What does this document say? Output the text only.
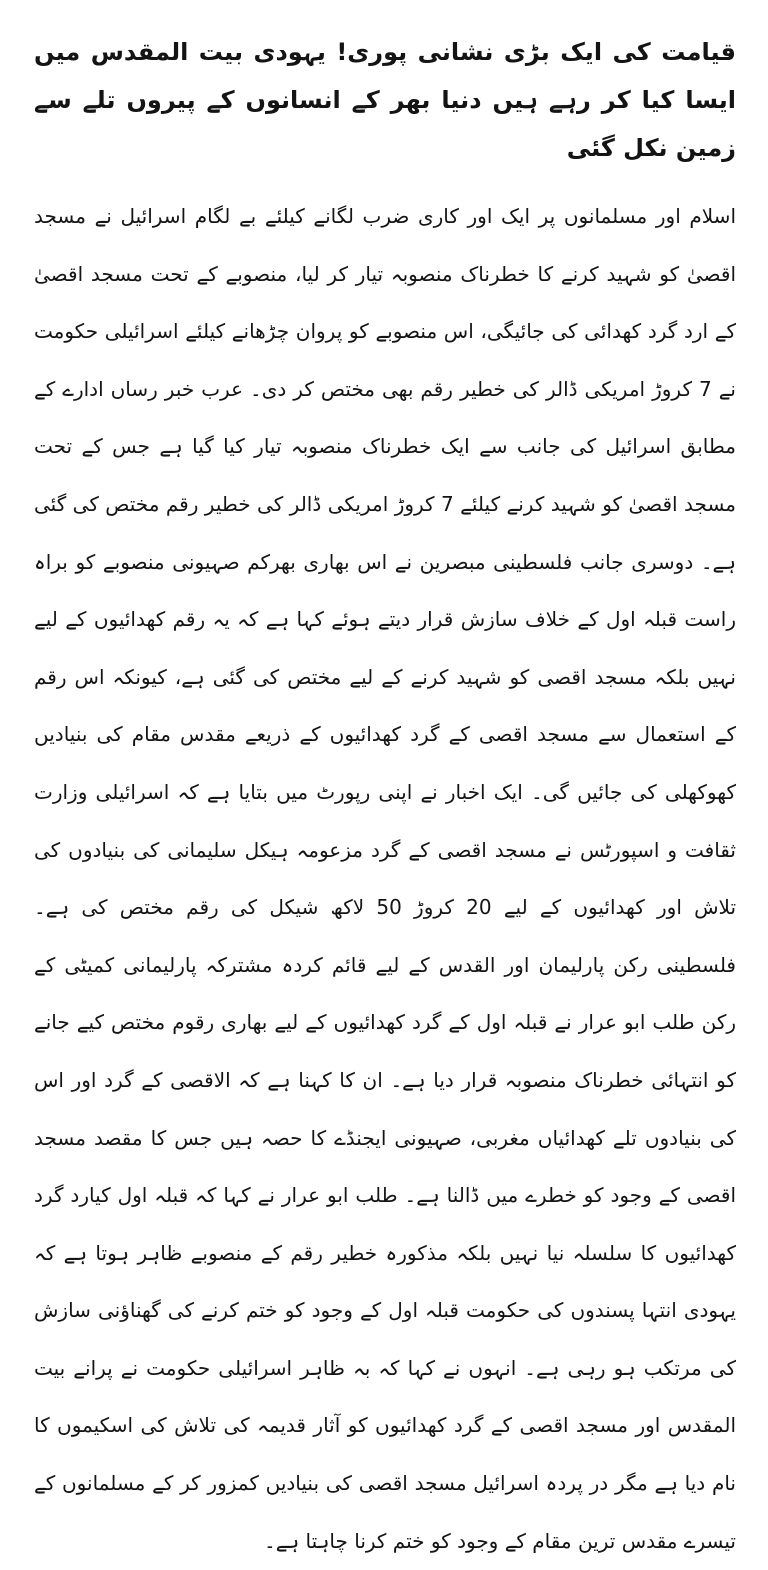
قیامت کی ایک بڑی نشانی پوری! یہودی بیت المقدس میں ایسا کیا کر رہے ہیں دنیا بھر کے انسانوں کے پیروں تلے سے زمین نکل گئی

اسلام اور مسلمانوں پر ایک اور کاری ضرب لگانے کیلئے بے لگام اسرائیل نے مسجد اقصیٰ کو شہید کرنے کا خطرناک منصوبہ تیار کر لیا، منصوبے کے تحت مسجد اقصیٰ کے ارد گرد کھدائی کی جائیگی، اس منصوبے کو پروان چڑھانے کیلئے اسرائیلی حکومت نے 7 کروڑ امریکی ڈالر کی خطیر رقم بھی مختص کر دی۔ عرب خبر رساں ادارے کے مطابق اسرائیل کی جانب سے ایک خطرناک منصوبہ تیار کیا گیا ہے جس کے تحت مسجد اقصیٰ کو شہید کرنے کیلئے 7 کروڑ امریکی ڈالر کی خطیر رقم مختص کی گئی ہے۔ دوسری جانب فلسطینی مبصرین نے اس بھاری بھرکم صہیونی منصوبے کو براہ راست قبلہ اول کے خلاف سازش قرار دیتے ہوئے کہا ہے کہ یہ رقم کھدائیوں کے لیے نہیں بلکہ مسجد اقصی کو شہید کرنے کے لیے مختص کی گئی ہے، کیونکہ اس رقم کے استعمال سے مسجد اقصی کے گرد کھدائیوں کے ذریعے مقدس مقام کی بنیادیں کھوکھلی کی جائیں گی۔ ایک اخبار نے اپنی رپورٹ میں بتایا ہے کہ اسرائیلی وزارت ثقافت و اسپورٹس نے مسجد اقصی کے گرد مزعومہ ہیکل سلیمانی کی بنیادوں کی تلاش اور کھدائیوں کے لیے 20 کروڑ 50 لاکھ شیکل کی رقم مختص کی ہے۔ فلسطینی رکن پارلیمان اور القدس کے لیے قائم کردہ مشترکہ پارلیمانی کمیٹی کے رکن طلب ابو عرار نے قبلہ اول کے گرد کھدائیوں کے لیے بھاری رقوم مختص کیے جانے کو انتہائی خطرناک منصوبہ قرار دیا ہے۔ ان کا کہنا ہے کہ الاقصی کے گرد اور اس کی بنیادوں تلے کھدائیاں مغربی، صہیونی ایجنڈے کا حصہ ہیں جس کا مقصد مسجد اقصی کے وجود کو خطرے میں ڈالنا ہے۔ طلب ابو عرار نے کہا کہ قبلہ اول کیارد گرد کھدائیوں کا سلسلہ نیا نہیں بلکہ مذکورہ خطیر رقم کے منصوبے ظاہر ہوتا ہے کہ یہودی انتہا پسندوں کی حکومت قبلہ اول کے وجود کو ختم کرنے کی گھناؤنی سازش کی مرتکب ہو رہی ہے۔ انہوں نے کہا کہ بہ ظاہر اسرائیلی حکومت نے پرانے بیت المقدس اور مسجد اقصی کے گرد کھدائیوں کو آثار قدیمہ کی تلاش کی اسکیموں کا نام دیا ہے مگر در پردہ اسرائیل مسجد اقصی کی بنیادیں کمزور کر کے مسلمانوں کے تیسرے مقدس ترین مقام کے وجود کو ختم کرنا چاہتا ہے۔
